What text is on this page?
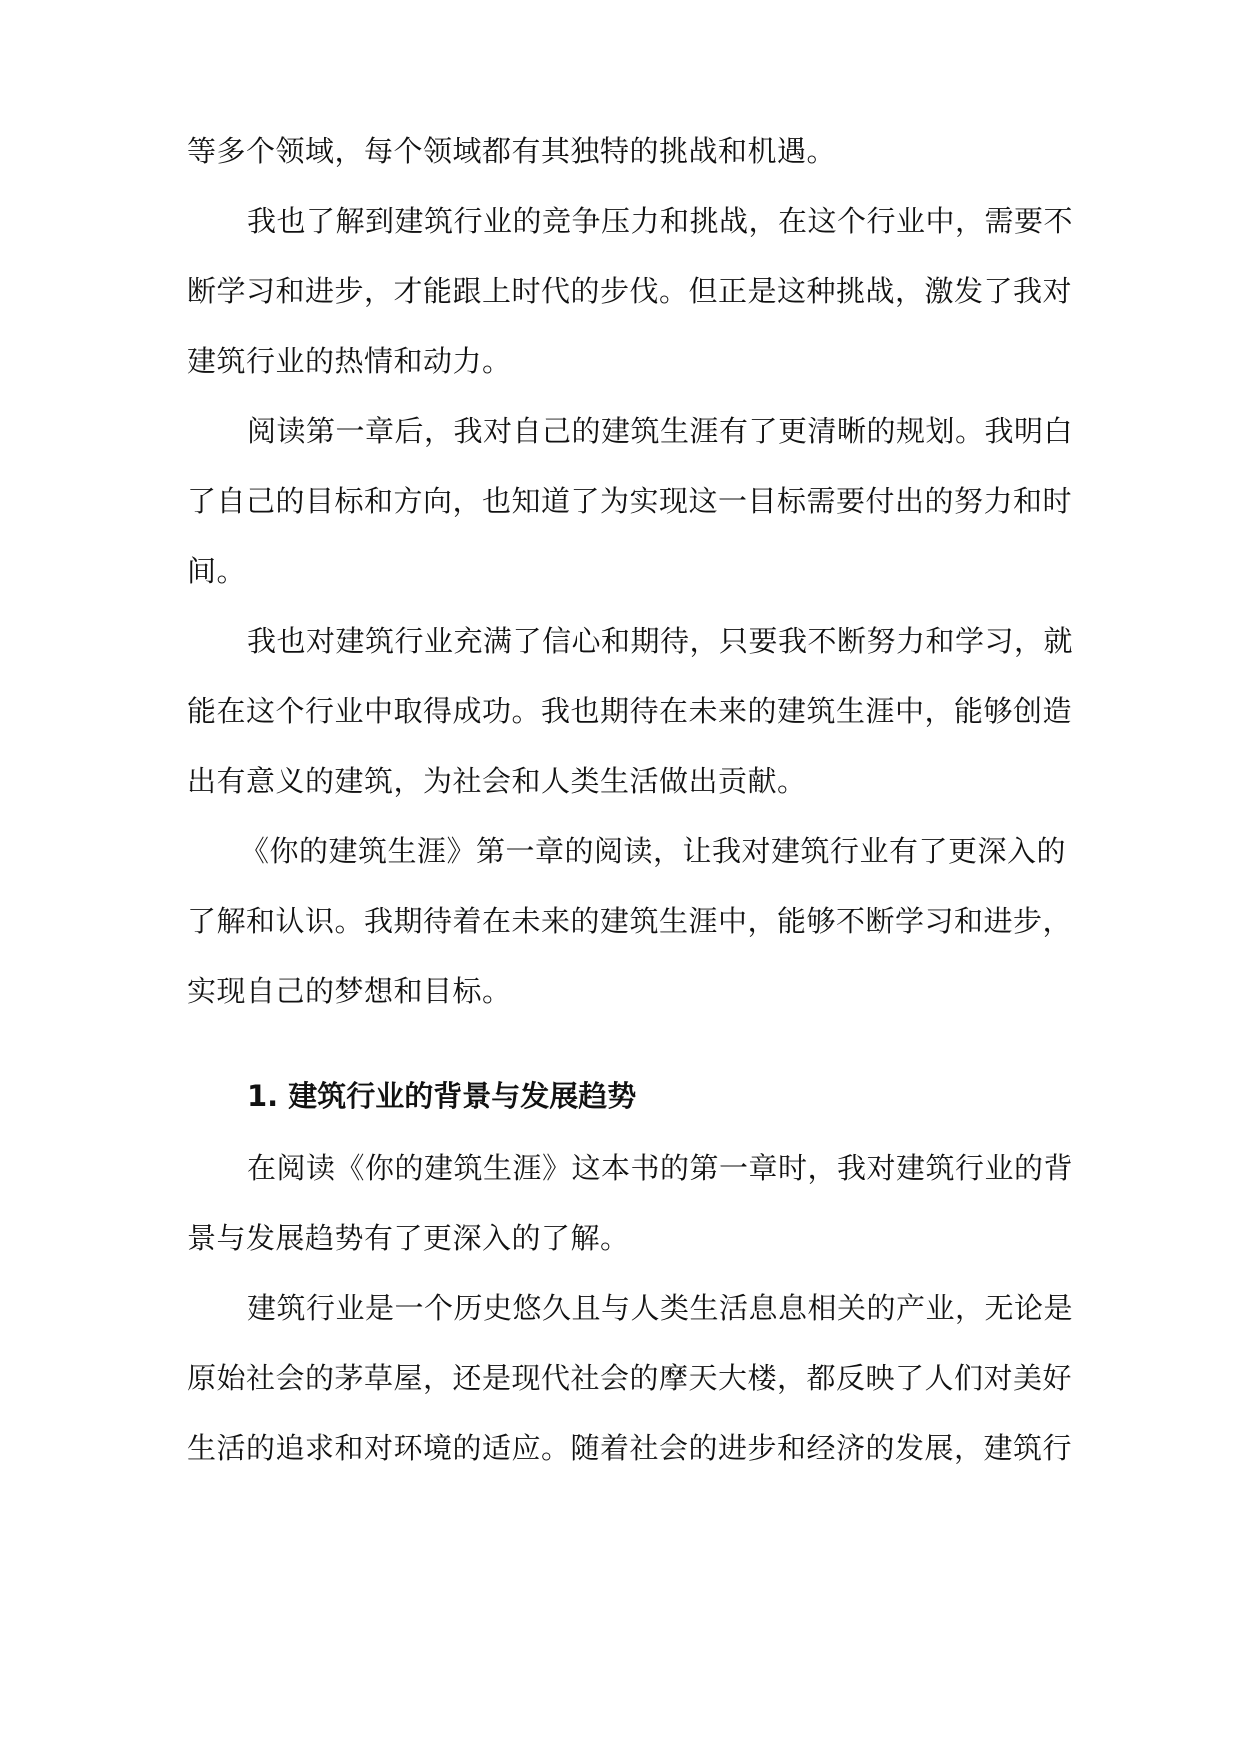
等多个领域，每个领域都有其独特的挑战和机遇。

我也了解到建筑行业的竞争压力和挑战，在这个行业中，需要不

断学习和进步，才能跟上时代的步伐。但正是这种挑战，激发了我对

建筑行业的热情和动力。

阅读第一章后，我对自己的建筑生涯有了更清晰的规划。我明白

了自己的目标和方向，也知道了为实现这一目标需要付出的努力和时

间。

我也对建筑行业充满了信心和期待，只要我不断努力和学习，就

能在这个行业中取得成功。我也期待在未来的建筑生涯中，能够创造

出有意义的建筑，为社会和人类生活做出贡献。

《你的建筑生涯》第一章的阅读，让我对建筑行业有了更深入的

了解和认识。我期待着在未来的建筑生涯中，能够不断学习和进步，

实现自己的梦想和目标。

1. 建筑行业的背景与发展趋势

在阅读《你的建筑生涯》这本书的第一章时，我对建筑行业的背

景与发展趋势有了更深入的了解。

建筑行业是一个历史悠久且与人类生活息息相关的产业，无论是

原始社会的茅草屋，还是现代社会的摩天大楼，都反映了人们对美好

生活的追求和对环境的适应。随着社会的进步和经济的发展，建筑行
